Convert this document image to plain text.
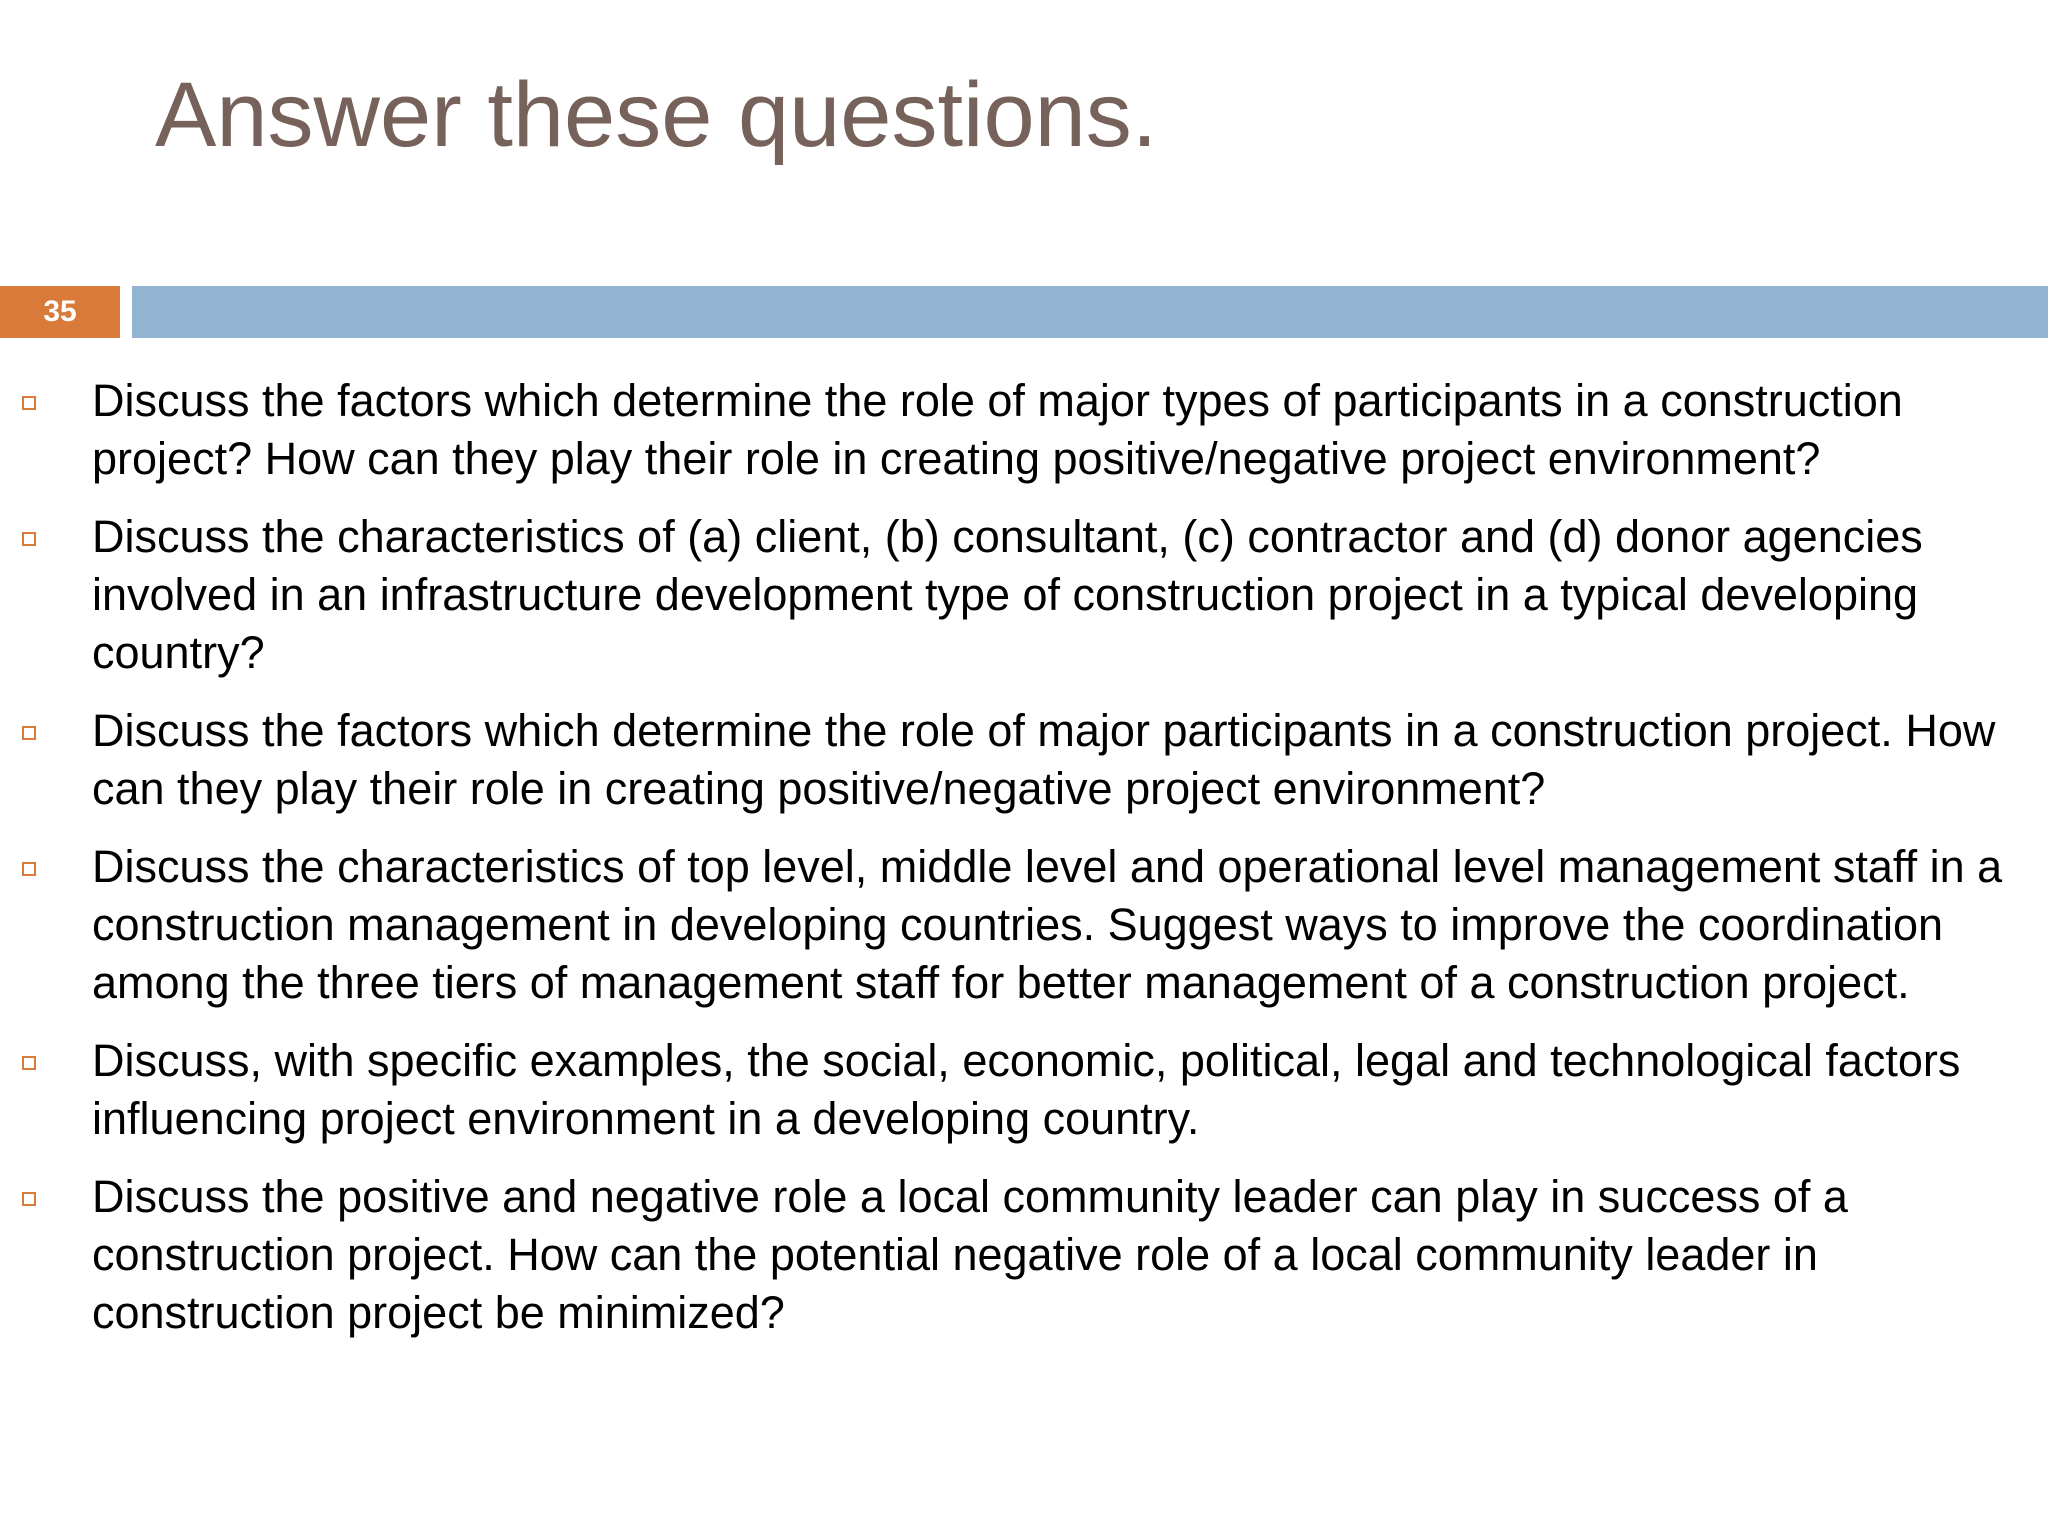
Answer these questions.
35
Discuss the factors which determine the role of major types of participants in a construction project? How can they play their role in creating positive/negative project environment?
Discuss the characteristics of (a) client, (b) consultant, (c) contractor and (d) donor agencies involved in an infrastructure development type of construction project in a typical developing country?
Discuss the factors which determine the role of major participants in a construction project. How can they play their role in creating positive/negative project environment?
Discuss the characteristics of top level, middle level and operational level management staff in a construction management in developing countries. Suggest ways to improve the coordination among the three tiers of management staff for better management of a construction project.
Discuss, with specific examples, the social, economic, political, legal and technological factors influencing project environment in a developing country.
Discuss the positive and negative role a local community leader can play in success of a construction project. How can the potential negative role of a local community leader in construction project be minimized?
